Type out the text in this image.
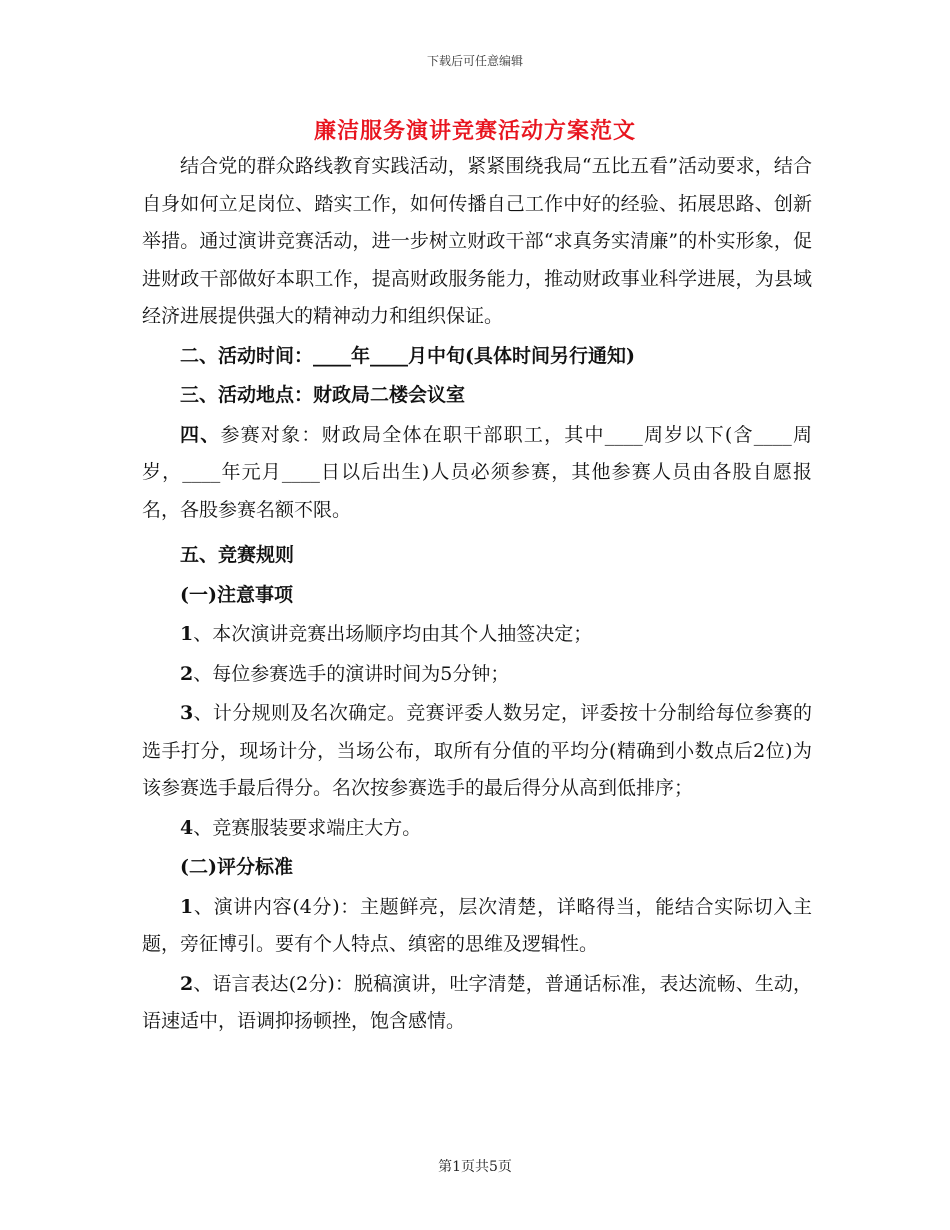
下载后可任意编辑
廉洁服务演讲竞赛活动方案范文

结合党的群众路线教育实践活动，紧紧围绕我局“五比五看”活动要求，结合自身如何立足岗位、踏实工作，如何传播自己工作中好的经验、拓展思路、创新举措。通过演讲竞赛活动，进一步树立财政干部“求真务实清廉”的朴实形象，促进财政干部做好本职工作，提高财政服务能力，推动财政事业科学进展，为县域经济进展提供强大的精神动力和组织保证。

二、活动时间：____年____月中旬(具体时间另行通知)

三、活动地点：财政局二楼会议室

四、参赛对象：财政局全体在职干部职工，其中____周岁以下(含____周岁，____年元月____日以后出生)人员必须参赛，其他参赛人员由各股自愿报名，各股参赛名额不限。

五、竞赛规则

(一)注意事项

1、本次演讲竞赛出场顺序均由其个人抽签决定；

2、每位参赛选手的演讲时间为5分钟；

3、计分规则及名次确定。竞赛评委人数另定，评委按十分制给每位参赛的选手打分，现场计分，当场公布，取所有分值的平均分(精确到小数点后2位)为该参赛选手最后得分。名次按参赛选手的最后得分从高到低排序；

4、竞赛服装要求端庄大方。

(二)评分标准

1、演讲内容(4分)：主题鲜亮，层次清楚，详略得当，能结合实际切入主题，旁征博引。要有个人特点、缜密的思维及逻辑性。

2、语言表达(2分)：脱稿演讲，吐字清楚，普通话标准，表达流畅、生动，语速适中，语调抑扬顿挫，饱含感情。

第1页共5页
